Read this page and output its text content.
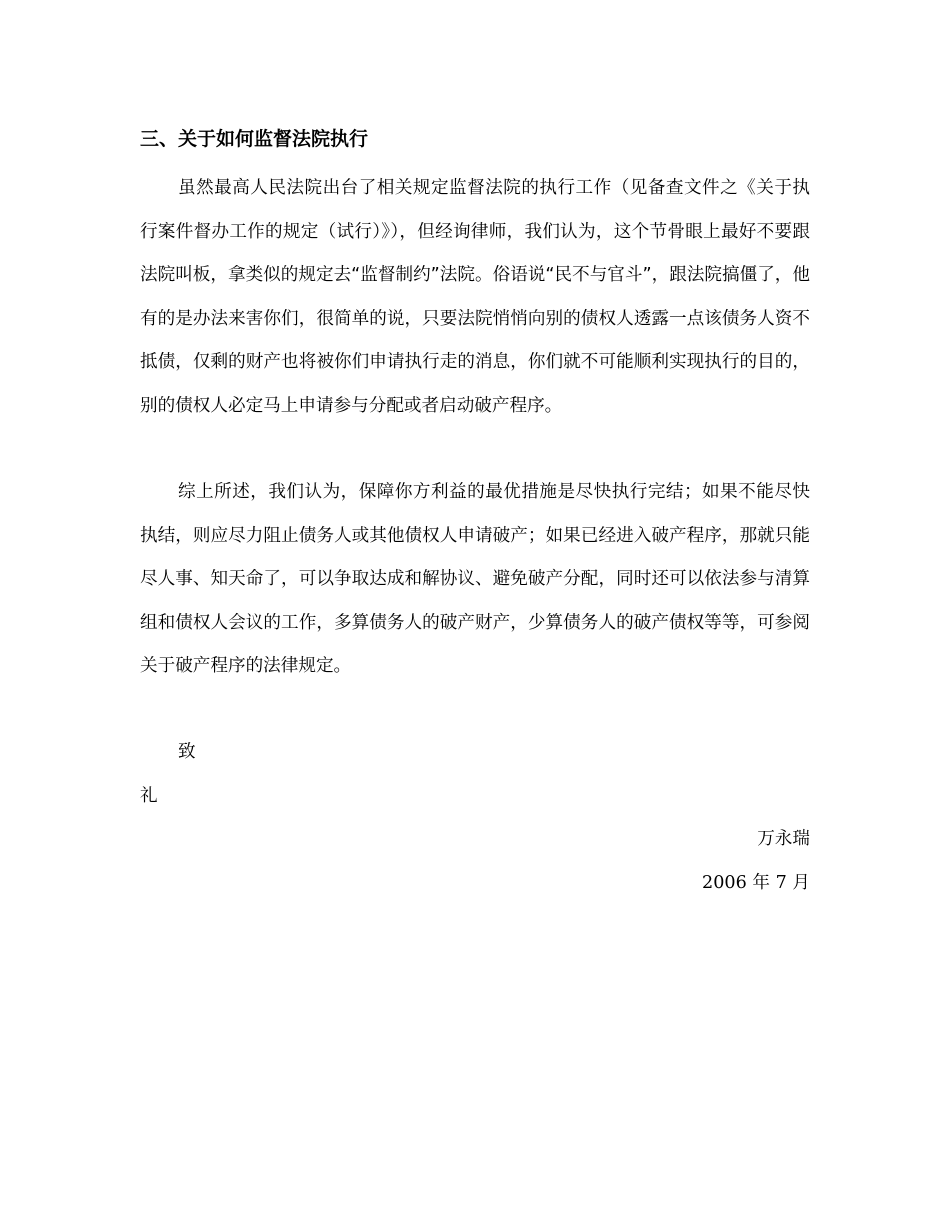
三、关于如何监督法院执行

虽然最高人民法院出台了相关规定监督法院的执行工作（见备查文件之《关于执行案件督办工作的规定（试行）》），但经询律师，我们认为，这个节骨眼上最好不要跟法院叫板，拿类似的规定去“监督制约”法院。俗语说“民不与官斗”，跟法院搞僵了，他有的是办法来害你们，很简单的说，只要法院悄悄向别的债权人透露一点该债务人资不抵债，仅剩的财产也将被你们申请执行走的消息，你们就不可能顺利实现执行的目的，别的债权人必定马上申请参与分配或者启动破产程序。

综上所述，我们认为，保障你方利益的最优措施是尽快执行完结；如果不能尽快执结，则应尽力阻止债务人或其他债权人申请破产；如果已经进入破产程序，那就只能尽人事、知天命了，可以争取达成和解协议、避免破产分配，同时还可以依法参与清算组和债权人会议的工作，多算债务人的破产财产，少算债务人的破产债权等等，可参阅关于破产程序的法律规定。

致
礼
万永瑞
2006 年 7 月
